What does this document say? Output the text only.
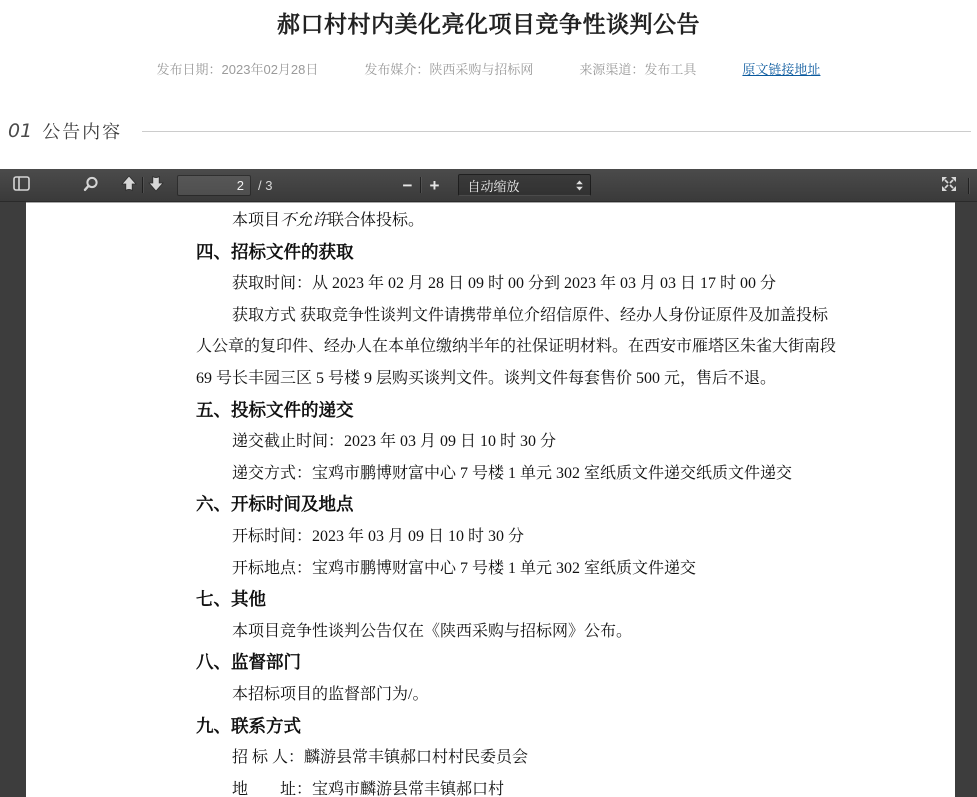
郝口村村内美化亮化项目竞争性谈判公告
发布日期：2023年02月28日	发布媒介：陕西采购与招标网	来源渠道：发布工具	原文链接地址
01 公告内容
2
/ 3	− + 自动缩放
本项目不允许联合体投标。
四、招标文件的获取
获取时间：从 2023 年 02 月 28 日 09 时 00 分到 2023 年 03 月 03 日 17 时 00 分
获取方式 获取竞争性谈判文件请携带单位介绍信原件、经办人身份证原件及加盖投标
人公章的复印件、经办人在本单位缴纳半年的社保证明材料。在西安市雁塔区朱雀大街南段
69 号长丰园三区 5 号楼 9 层购买谈判文件。谈判文件每套售价 500 元，售后不退。
五、投标文件的递交
递交截止时间：2023 年 03 月 09 日 10 时 30 分
递交方式：宝鸡市鹏博财富中心 7 号楼 1 单元 302 室纸质文件递交纸质文件递交
六、开标时间及地点
开标时间：2023 年 03 月 09 日 10 时 30 分
开标地点：宝鸡市鹏博财富中心 7 号楼 1 单元 302 室纸质文件递交
七、其他
本项目竞争性谈判公告仅在《陕西采购与招标网》公布。
八、监督部门
本招标项目的监督部门为/。
九、联系方式
招 标 人：麟游县常丰镇郝口村村民委员会
地　　址：宝鸡市麟游县常丰镇郝口村
